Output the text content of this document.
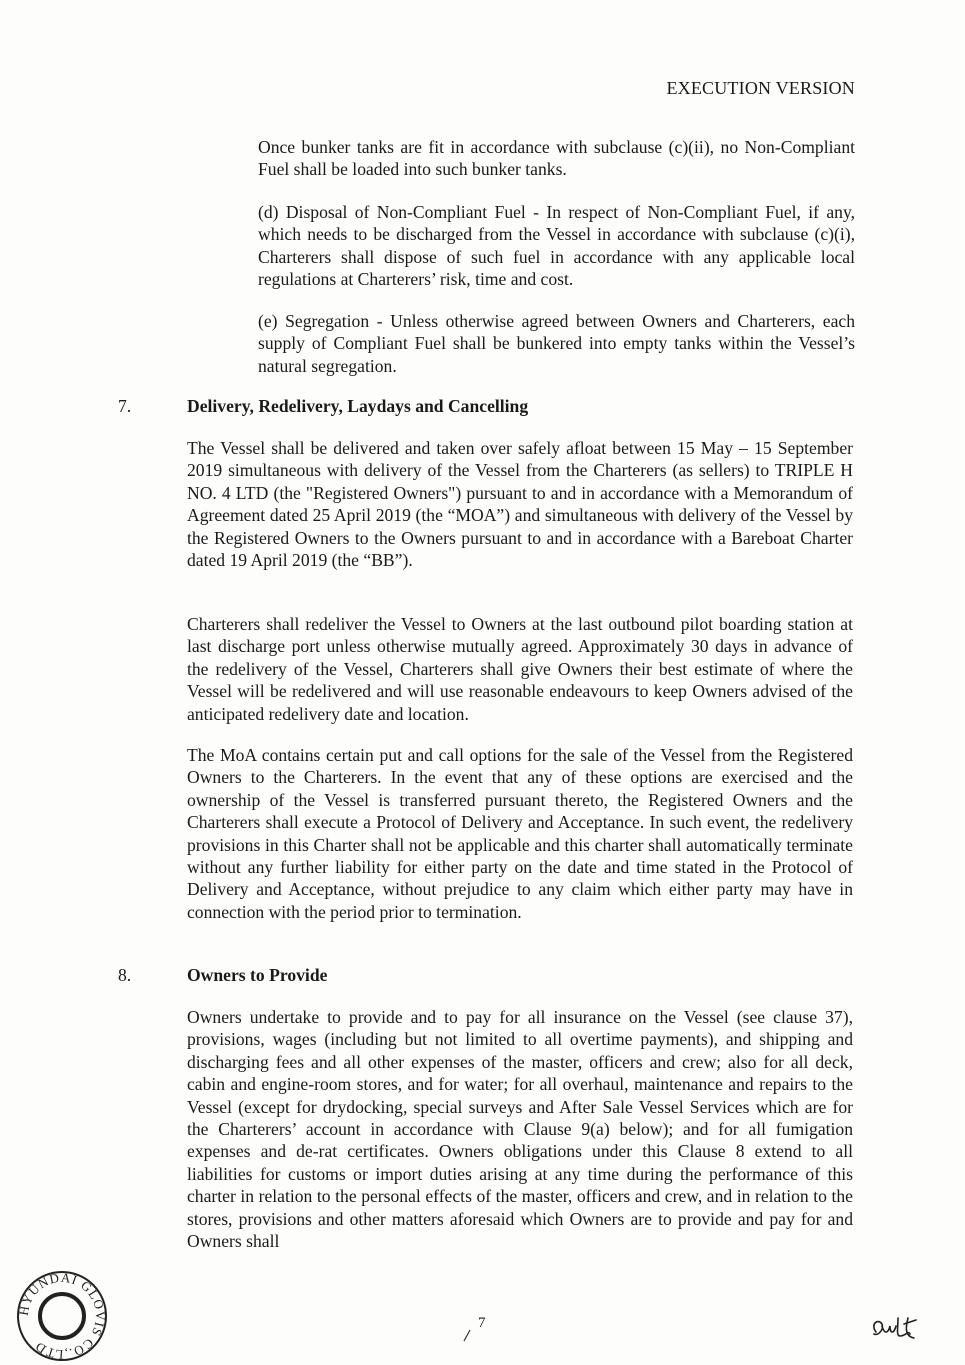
EXECUTION VERSION

Once bunker tanks are fit in accordance with subclause (c)(ii), no Non-Compliant Fuel shall be loaded into such bunker tanks.

(d) Disposal of Non-Compliant Fuel - In respect of Non-Compliant Fuel, if any, which needs to be discharged from the Vessel in accordance with subclause (c)(i), Charterers shall dispose of such fuel in accordance with any applicable local regulations at Charterers’ risk, time and cost.

(e) Segregation - Unless otherwise agreed between Owners and Charterers, each supply of Compliant Fuel shall be bunkered into empty tanks within the Vessel’s natural segregation.

7.	Delivery, Redelivery, Laydays and Cancelling

The Vessel shall be delivered and taken over safely afloat between 15 May – 15 September 2019 simultaneous with delivery of the Vessel from the Charterers (as sellers) to TRIPLE H NO. 4 LTD (the "Registered Owners") pursuant to and in accordance with a Memorandum of Agreement dated 25 April 2019 (the “MOA”) and simultaneous with delivery of the Vessel by the Registered Owners to the Owners pursuant to and in accordance with a Bareboat Charter dated 19 April 2019 (the “BB”).

Charterers shall redeliver the Vessel to Owners at the last outbound pilot boarding station at last discharge port unless otherwise mutually agreed. Approximately 30 days in advance of the redelivery of the Vessel, Charterers shall give Owners their best estimate of where the Vessel will be redelivered and will use reasonable endeavours to keep Owners advised of the anticipated redelivery date and location.

The MoA contains certain put and call options for the sale of the Vessel from the Registered Owners to the Charterers. In the event that any of these options are exercised and the ownership of the Vessel is transferred pursuant thereto, the Registered Owners and the Charterers shall execute a Protocol of Delivery and Acceptance. In such event, the redelivery provisions in this Charter shall not be applicable and this charter shall automatically terminate without any further liability for either party on the date and time stated in the Protocol of Delivery and Acceptance, without prejudice to any claim which either party may have in connection with the period prior to termination.

8.	Owners to Provide

Owners undertake to provide and to pay for all insurance on the Vessel (see clause 37), provisions, wages (including but not limited to all overtime payments), and shipping and discharging fees and all other expenses of the master, officers and crew; also for all deck, cabin and engine-room stores, and for water; for all overhaul, maintenance and repairs to the Vessel (except for drydocking, special surveys and After Sale Vessel Services which are for the Charterers’ account in accordance with Clause 9(a) below); and for all fumigation expenses and de-rat certificates. Owners obligations under this Clause 8 extend to all liabilities for customs or import duties arising at any time during the performance of this charter in relation to the personal effects of the master, officers and crew, and in relation to the stores, provisions and other matters aforesaid which Owners are to provide and pay for and Owners shall

HYUNDAI GLOVIS CO.,LTD
7
